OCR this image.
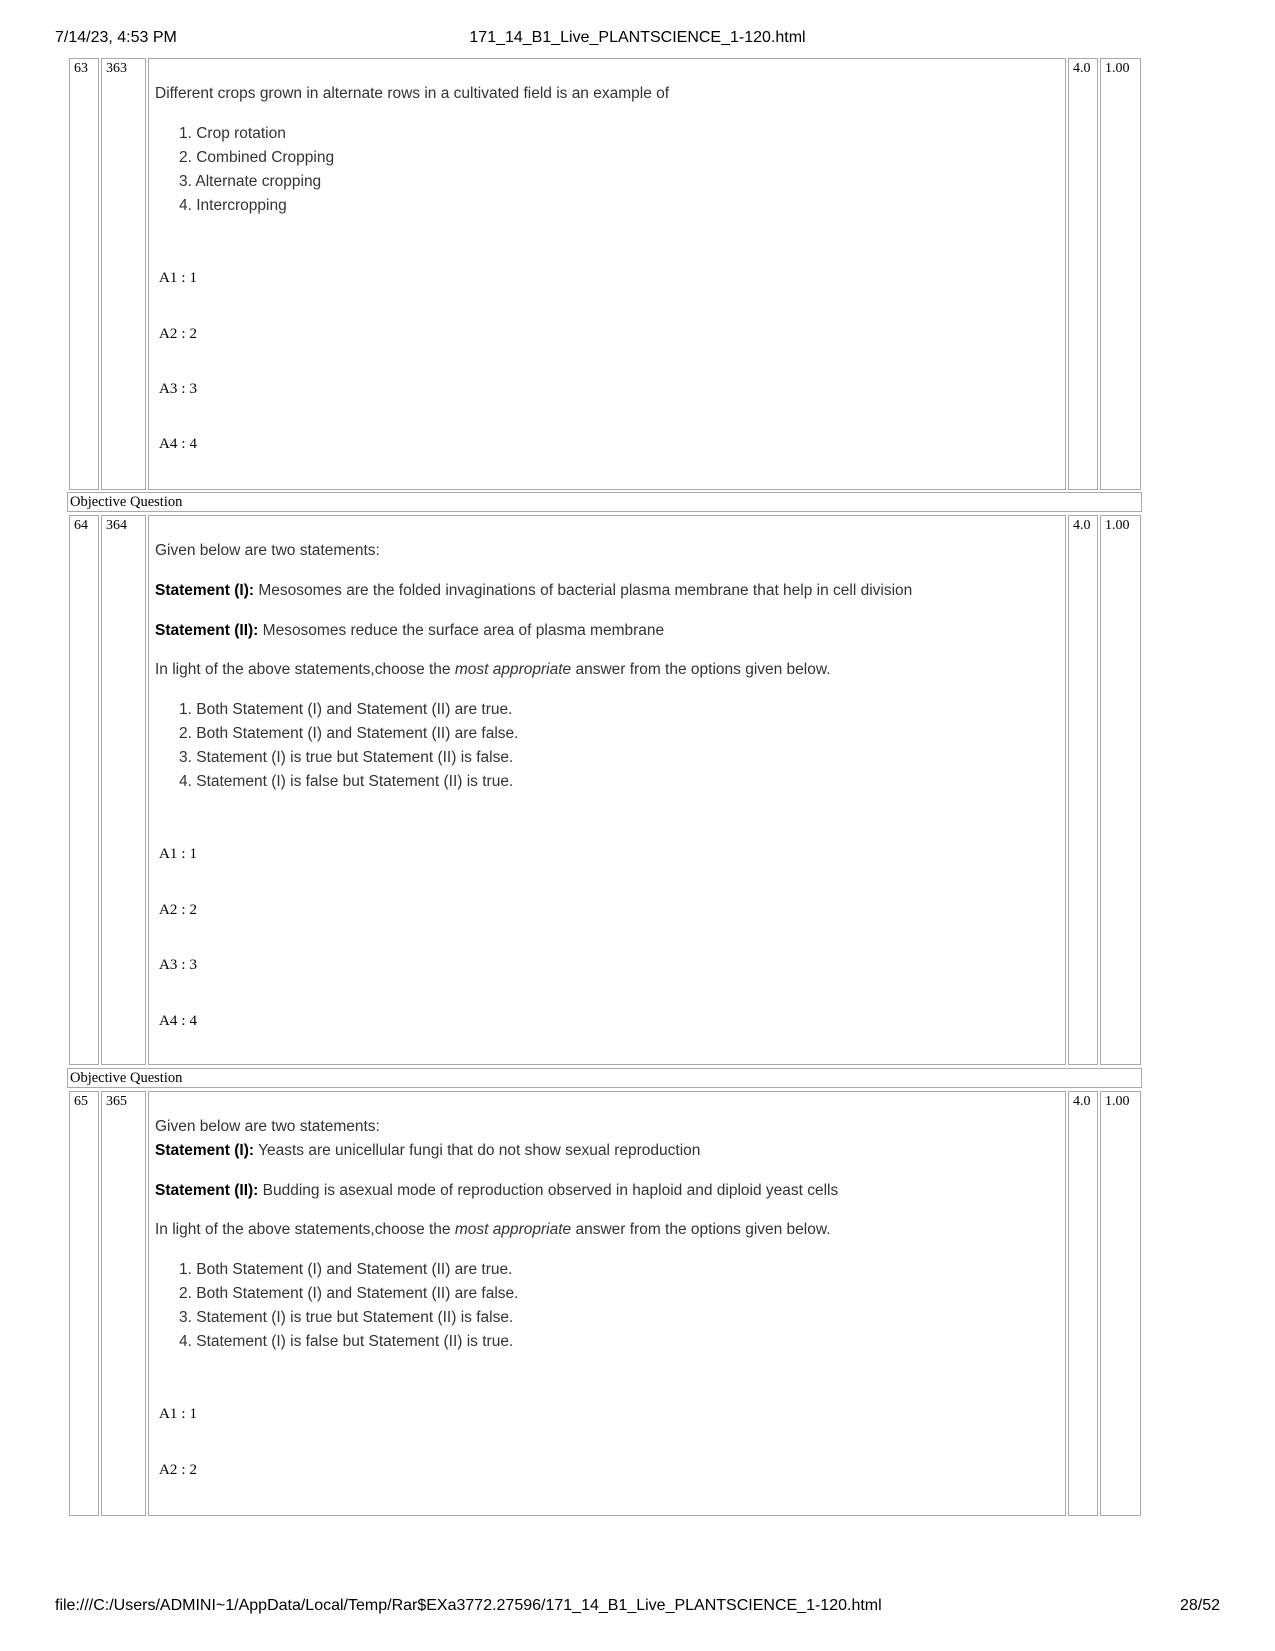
7/14/23, 4:53 PM	171_14_B1_Live_PLANTSCIENCE_1-120.html
63	363
Different crops grown in alternate rows in a cultivated field is an example of
1. Crop rotation
2. Combined Cropping
3. Alternate cropping
4. Intercropping
A1 : 1
A2 : 2
A3 : 3
A4 : 4
4.0	1.00
Objective Question
64	364
Given below are two statements:
Statement (I): Mesosomes are the folded invaginations of bacterial plasma membrane that help in cell division
Statement (II): Mesosomes reduce the surface area of plasma membrane
In light of the above statements,choose the most appropriate answer from the options given below.
1. Both Statement (I) and Statement (II) are true.
2. Both Statement (I) and Statement (II) are false.
3. Statement (I) is true but Statement (II) is false.
4. Statement (I) is false but Statement (II) is true.
A1 : 1
A2 : 2
A3 : 3
A4 : 4
4.0	1.00
Objective Question
65	365
Given below are two statements:
Statement (I): Yeasts are unicellular fungi that do not show sexual reproduction
Statement (II): Budding is asexual mode of reproduction observed in haploid and diploid yeast cells
In light of the above statements,choose the most appropriate answer from the options given below.
1. Both Statement (I) and Statement (II) are true.
2. Both Statement (I) and Statement (II) are false.
3. Statement (I) is true but Statement (II) is false.
4. Statement (I) is false but Statement (II) is true.
A1 : 1
A2 : 2
4.0	1.00
file:///C:/Users/ADMINI~1/AppData/Local/Temp/Rar$EXa3772.27596/171_14_B1_Live_PLANTSCIENCE_1-120.html	28/52
